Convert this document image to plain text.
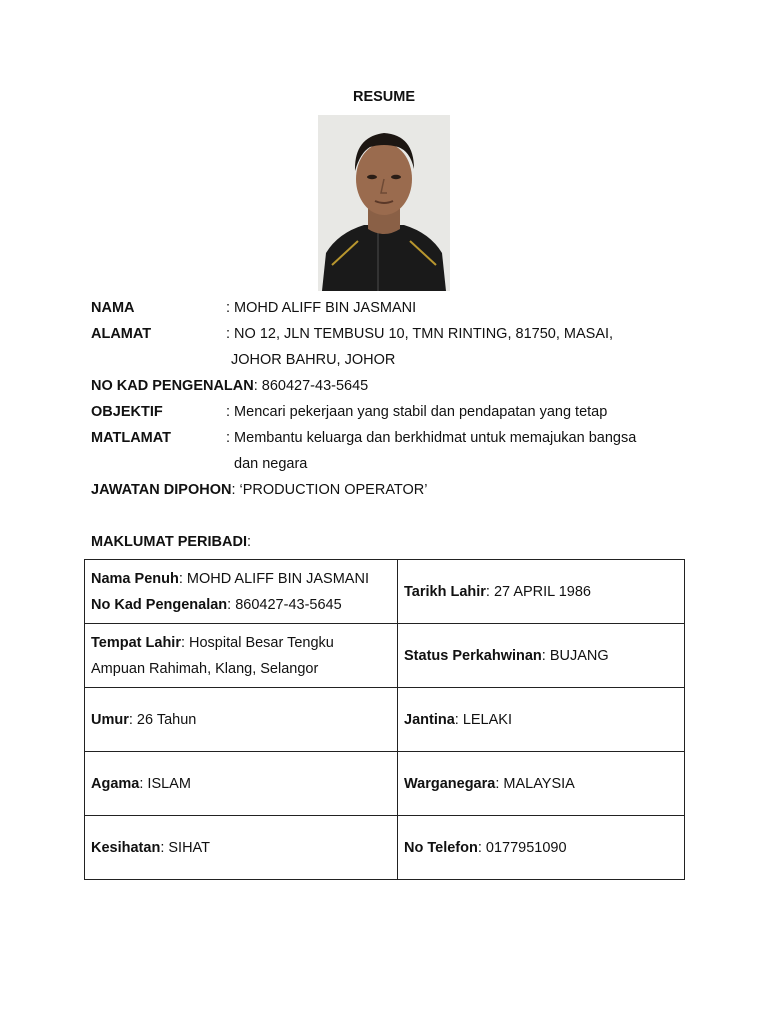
RESUME
NAMA	: MOHD ALIFF BIN JASMANI
ALAMAT	: NO 12, JLN TEMBUSU 10, TMN RINTING, 81750, MASAI,
JOHOR BAHRU, JOHOR
NO KAD PENGENALAN: 860427-43-5645
OBJEKTIF	: Mencari pekerjaan yang stabil dan pendapatan yang tetap
MATLAMAT	: Membantu keluarga dan berkhidmat untuk memajukan bangsa
dan negara
JAWATAN DIPOHON: ‘PRODUCTION OPERATOR’
MAKLUMAT PERIBADI:
Nama Penuh: MOHD ALIFF BIN JASMANI
No Kad Pengenalan: 860427-43-5645	Tarikh Lahir: 27 APRIL 1986

Tempat Lahir: Hospital Besar Tengku
Ampuan Rahimah, Klang, Selangor	Status Perkahwinan: BUJANG
Umur: 26 Tahun	Jantina: LELAKI
Agama: ISLAM	Warganegara: MALAYSIA
Kesihatan: SIHAT	No Telefon: 0177951090
